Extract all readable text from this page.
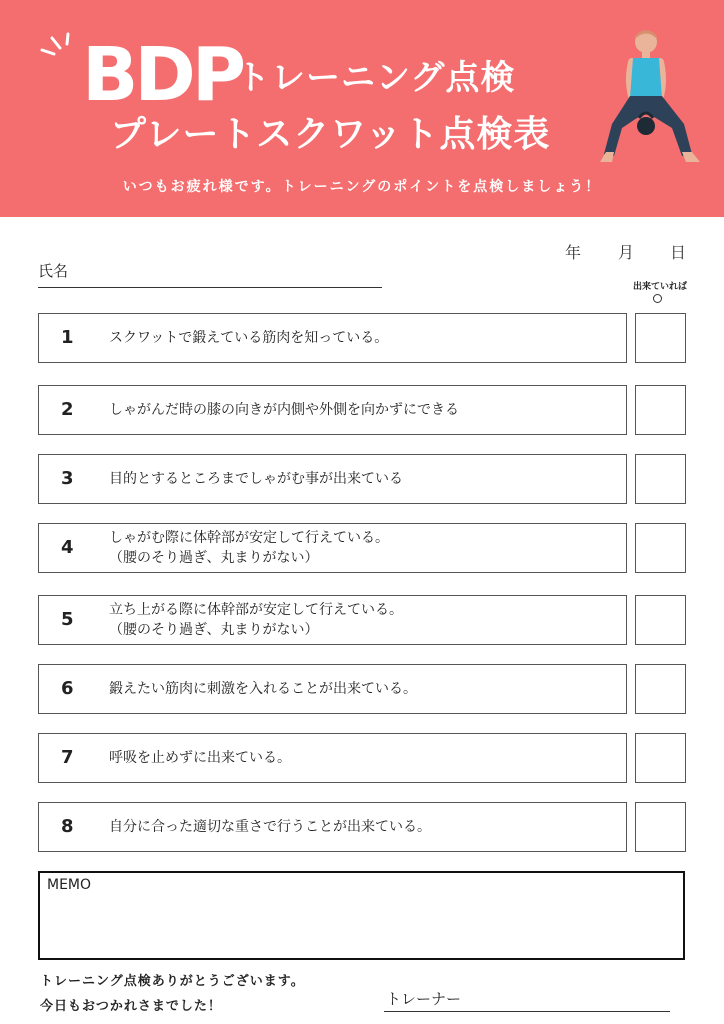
BDP
トレーニング点検
プレートスクワット点検表
いつもお疲れ様です。トレーニングのポイントを点検しましょう！
年 月 日
氏名
出来ていれば
1	スクワットで鍛えている筋肉を知っている。
2	しゃがんだ時の膝の向きが内側や外側を向かずにできる
3	目的とするところまでしゃがむ事が出来ている
4	しゃがむ際に体幹部が安定して行えている。
（腰のそり過ぎ、丸まりがない）
5	立ち上がる際に体幹部が安定して行えている。
（腰のそり過ぎ、丸まりがない）
6	鍛えたい筋肉に刺激を入れることが出来ている。
7	呼吸を止めずに出来ている。
8	自分に合った適切な重さで行うことが出来ている。
MEMO
トレーニング点検ありがとうございます。
今日もおつかれさまでした！	トレーナー
